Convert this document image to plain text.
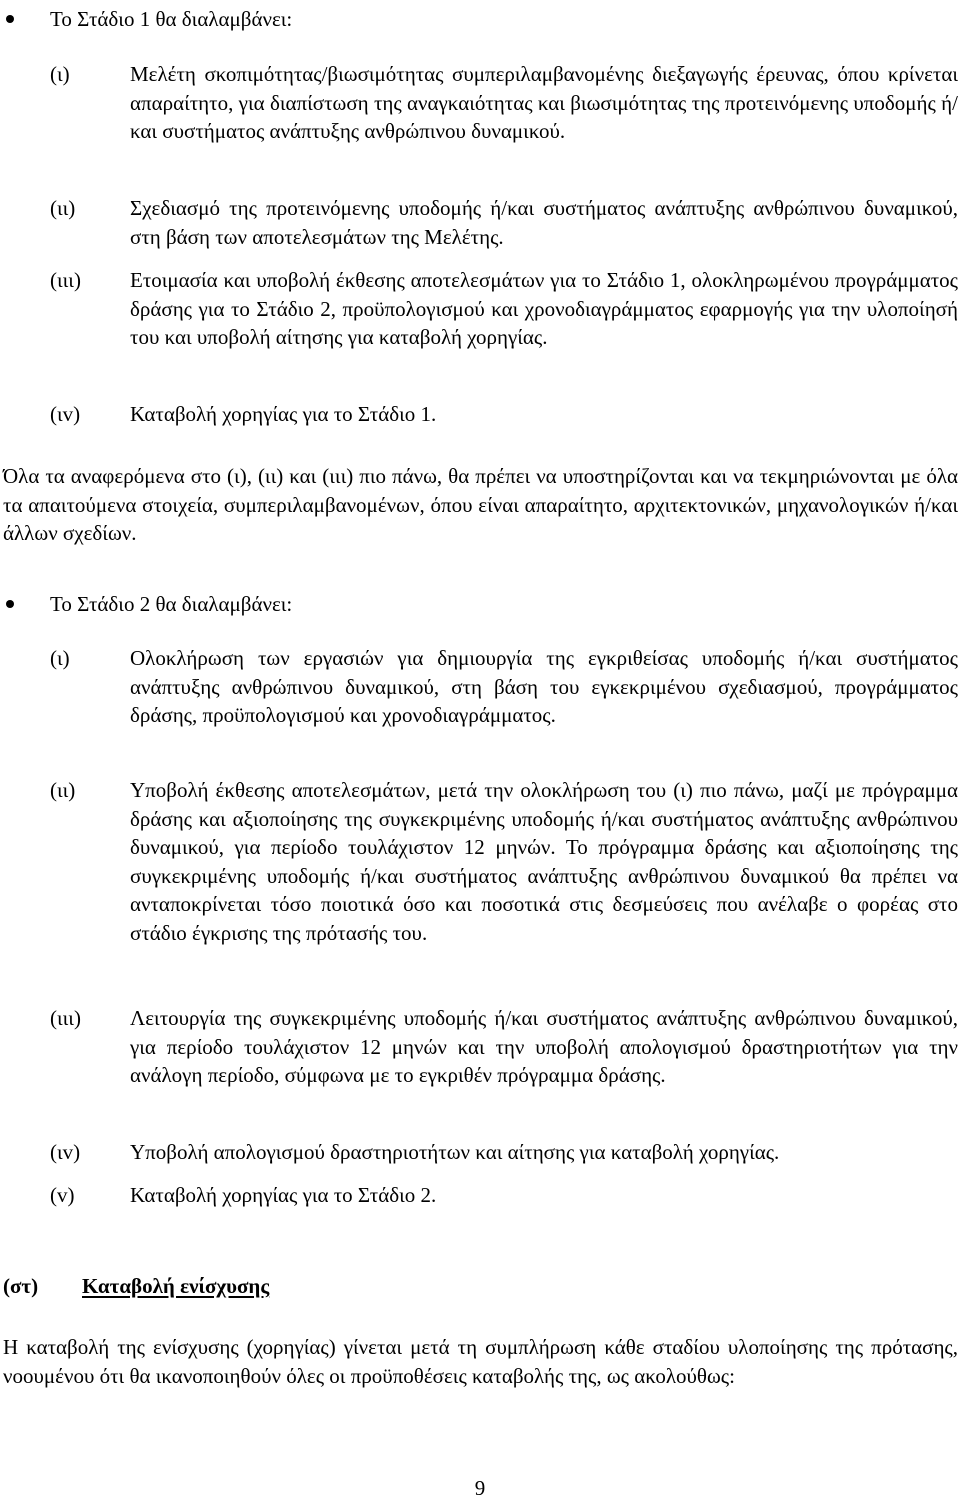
Το Στάδιο 1 θα διαλαμβάνει:
(ι)	Μελέτη σκοπιμότητας/βιωσιμότητας συμπεριλαμβανομένης διεξαγωγής έρευνας, όπου κρίνεται απαραίτητο, για διαπίστωση της αναγκαιότητας και βιωσιμότητας της προτεινόμενης υποδομής ή/και συστήματος ανάπτυξης ανθρώπινου δυναμικού.
(ιι)	Σχεδιασμό της προτεινόμενης υποδομής ή/και συστήματος ανάπτυξης ανθρώπινου δυναμικού, στη βάση των αποτελεσμάτων της Μελέτης.
(ιιι) Ετοιμασία και υποβολή έκθεσης αποτελεσμάτων για το Στάδιο 1, ολοκληρωμένου προγράμματος δράσης για το Στάδιο 2, προϋπολογισμού και χρονοδιαγράμματος εφαρμογής για την υλοποίησή του και υποβολή αίτησης για καταβολή χορηγίας.
(ιv) Καταβολή χορηγίας για το Στάδιο 1.
Όλα τα αναφερόμενα στο (ι), (ιι) και (ιιι) πιο πάνω, θα πρέπει να υποστηρίζονται και να τεκμηριώνονται με όλα τα απαιτούμενα στοιχεία, συμπεριλαμβανομένων, όπου είναι απαραίτητο, αρχιτεκτονικών, μηχανολογικών ή/και άλλων σχεδίων.
Το Στάδιο 2 θα διαλαμβάνει:
(ι)	Ολοκλήρωση των εργασιών για δημιουργία της εγκριθείσας υποδομής ή/και συστήματος ανάπτυξης ανθρώπινου δυναμικού, στη βάση του εγκεκριμένου σχεδιασμού, προγράμματος δράσης, προϋπολογισμού και χρονοδιαγράμματος.
(ιι)	Υποβολή έκθεσης αποτελεσμάτων, μετά την ολοκλήρωση του (ι) πιο πάνω, μαζί με πρόγραμμα δράσης και αξιοποίησης της συγκεκριμένης υποδομής ή/και συστήματος ανάπτυξης ανθρώπινου δυναμικού, για περίοδο τουλάχιστον 12 μηνών. Το πρόγραμμα δράσης και αξιοποίησης της συγκεκριμένης υποδομής ή/και συστήματος ανάπτυξης ανθρώπινου δυναμικού θα πρέπει να ανταποκρίνεται τόσο ποιοτικά όσο και ποσοτικά στις δεσμεύσεις που ανέλαβε ο φορέας στο στάδιο έγκρισης της πρότασής του.
(ιιι) Λειτουργία της συγκεκριμένης υποδομής ή/και συστήματος ανάπτυξης ανθρώπινου δυναμικού, για περίοδο τουλάχιστον 12 μηνών και την υποβολή απολογισμού δραστηριοτήτων για την ανάλογη περίοδο, σύμφωνα με το εγκριθέν πρόγραμμα δράσης.
(ιv) Υποβολή απολογισμού δραστηριοτήτων και αίτησης για καταβολή χορηγίας.
(v)	Καταβολή χορηγίας για το Στάδιο 2.
(στ) Καταβολή ενίσχυσης
Η καταβολή της ενίσχυσης (χορηγίας) γίνεται μετά τη συμπλήρωση κάθε σταδίου υλοποίησης της πρότασης, νοουμένου ότι θα ικανοποιηθούν όλες οι προϋποθέσεις καταβολής της, ως ακολούθως:
9
